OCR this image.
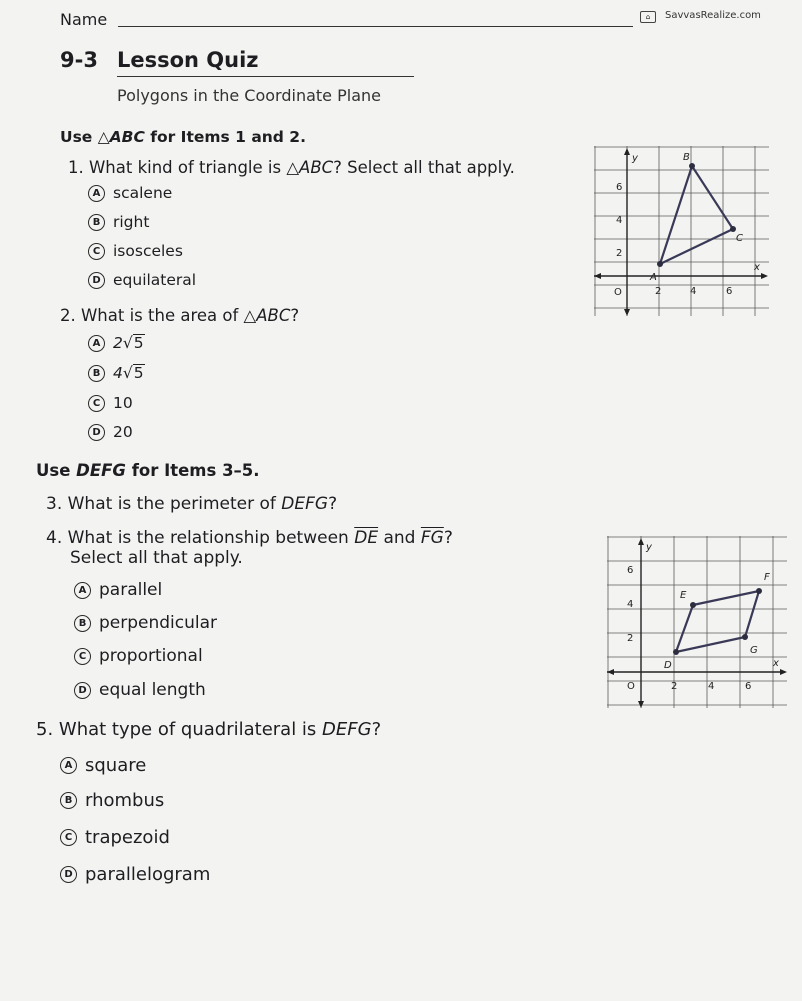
Name	⌂	SavvasRealize.com
9-3 Lesson Quiz
Polygons in the Coordinate Plane
Use △ABC for Items 1 and 2.
1. What kind of triangle is △ABC? Select all that apply.
A scalene
B right
C isosceles
D equilateral
2. What is the area of △ABC?
A 2 √ 5
B 4 √ 5
C 10
D 20
y
x
O	2	4	6
6
4
2
A
B
C
Use DEFG for Items 3–5.
3. What is the perimeter of DEFG?
4. What is the relationship between $\overline{DE}$ and $\overline{FG}$?
Select all that apply.
A parallel
B perpendicular
C proportional
D equal length
y
x
O	2	4	6
6
4
2
D
E
F
G
5. What type of quadrilateral is DEFG?
A square
B rhombus
C trapezoid
D parallelogram
